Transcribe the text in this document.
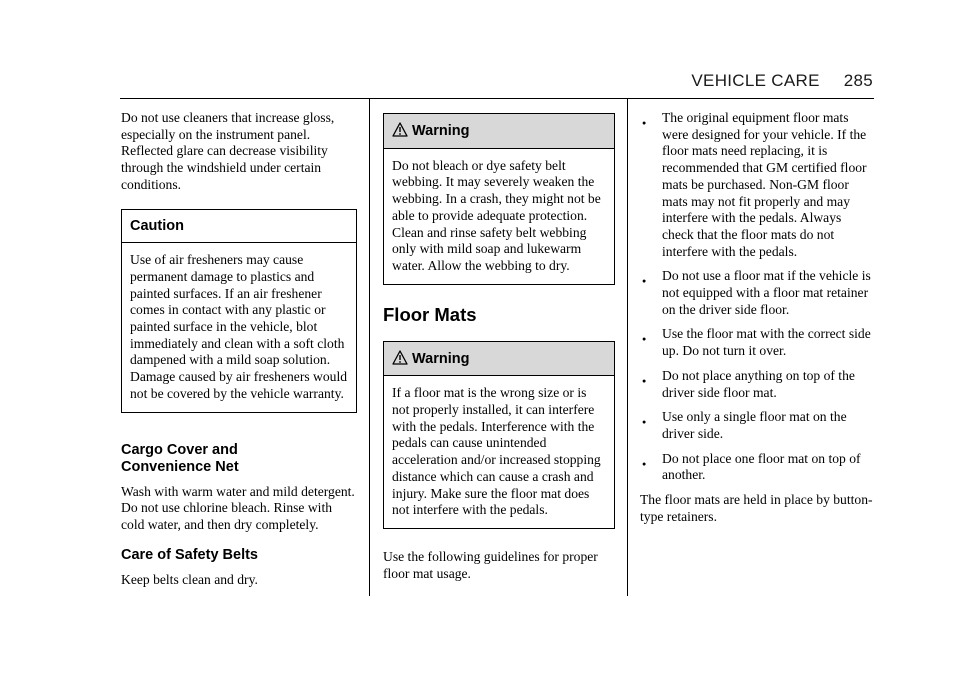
VEHICLE CARE 285

Do not use cleaners that increase gloss, especially on the instrument panel. Reflected glare can decrease visibility through the windshield under certain conditions.

Caution
Use of air fresheners may cause permanent damage to plastics and painted surfaces. If an air freshener comes in contact with any plastic or painted surface in the vehicle, blot immediately and clean with a soft cloth dampened with a mild soap solution. Damage caused by air fresheners would not be covered by the vehicle warranty.
Cargo Cover and
Convenience Net

Wash with warm water and mild detergent. Do not use chlorine bleach. Rinse with cold water, and then dry completely.

Care of Safety Belts

Keep belts clean and dry.

Warning
Do not bleach or dye safety belt webbing. It may severely weaken the webbing. In a crash, they might not be able to provide adequate protection. Clean and rinse safety belt webbing only with mild soap and lukewarm water. Allow the webbing to dry.
Floor Mats
Warning
If a floor mat is the wrong size or is not properly installed, it can interfere with the pedals. Interference with the pedals can cause unintended acceleration and/or increased stopping distance which can cause a crash and injury. Make sure the floor mat does not interfere with the pedals.

Use the following guidelines for proper floor mat usage.

● The original equipment floor mats were designed for your vehicle. If the floor mats need replacing, it is recommended that GM certified floor mats be purchased. Non-GM floor mats may not fit properly and may interfere with the pedals. Always check that the floor mats do not interfere with the pedals.
● Do not use a floor mat if the vehicle is not equipped with a floor mat retainer on the driver side floor.
● Use the floor mat with the correct side up. Do not turn it over.
● Do not place anything on top of the driver side floor mat.
● Use only a single floor mat on the driver side.
● Do not place one floor mat on top of another.

The floor mats are held in place by button-type retainers.
